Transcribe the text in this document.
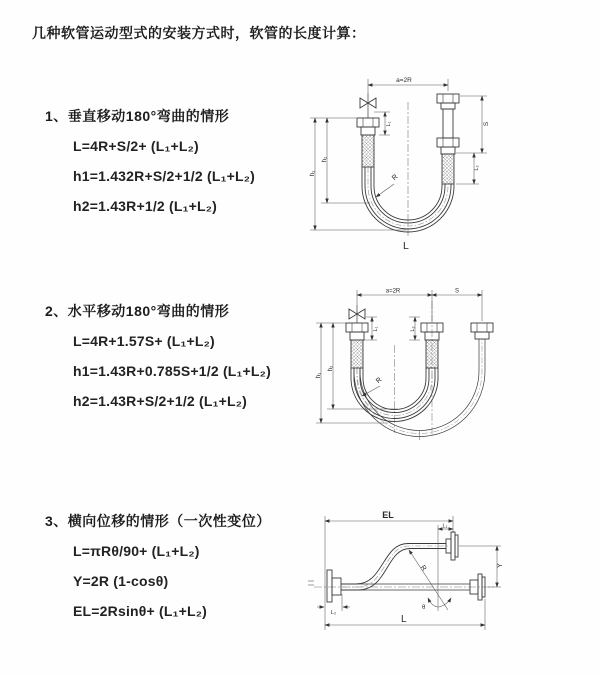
几种软管运动型式的安装方式时，软管的长度计算：
1、垂直移动180°弯曲的情形
L=4R+S/2+ (L₁+L₂)
h1=1.432R+S/2+1/2 (L₁+L₂)
h2=1.43R+1/2 (L₁+L₂)
2、水平移动180°弯曲的情形
L=4R+1.57S+ (L₁+L₂)
h1=1.43R+0.785S+1/2 (L₁+L₂)
h2=1.43R+S/2+1/2 (L₁+L₂)
3、横向位移的情形（一次性变位）
L=πRθ/90+ (L₁+L₂)
Y=2R (1-cosθ)
EL=2Rsinθ+ (L₁+L₂)
a=2R
S
L₂
h₁
h₂
L₁
R
L
a=2R	S
h₁
h₂
L₁	L₂
R
EL
L₁
Y
L₂
R
θ
L
